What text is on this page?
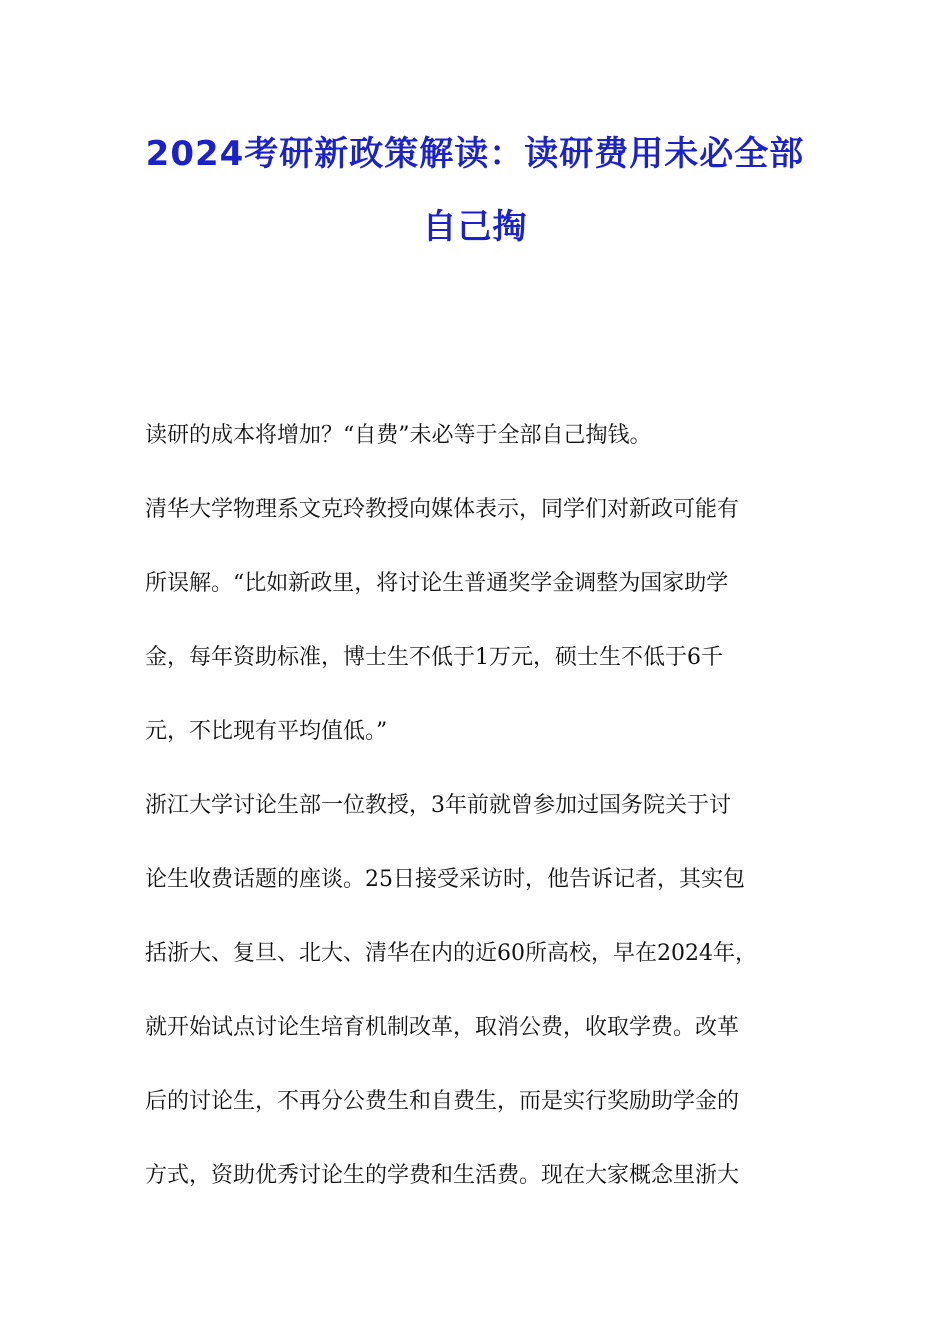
2024考研新政策解读：读研费用未必全部
自己掏
读研的成本将增加？“自费”未必等于全部自己掏钱。
清华大学物理系文克玲教授向媒体表示，同学们对新政可能有
所误解。“比如新政里，将讨论生普通奖学金调整为国家助学
金，每年资助标准，博士生不低于1万元，硕士生不低于6千
元，不比现有平均值低。”
浙江大学讨论生部一位教授，3年前就曾参加过国务院关于讨
论生收费话题的座谈。25日接受采访时，他告诉记者，其实包
括浙大、复旦、北大、清华在内的近60所高校，早在2024年，
就开始试点讨论生培育机制改革，取消公费，收取学费。改革
后的讨论生，不再分公费生和自费生，而是实行奖励助学金的
方式，资助优秀讨论生的学费和生活费。现在大家概念里浙大
